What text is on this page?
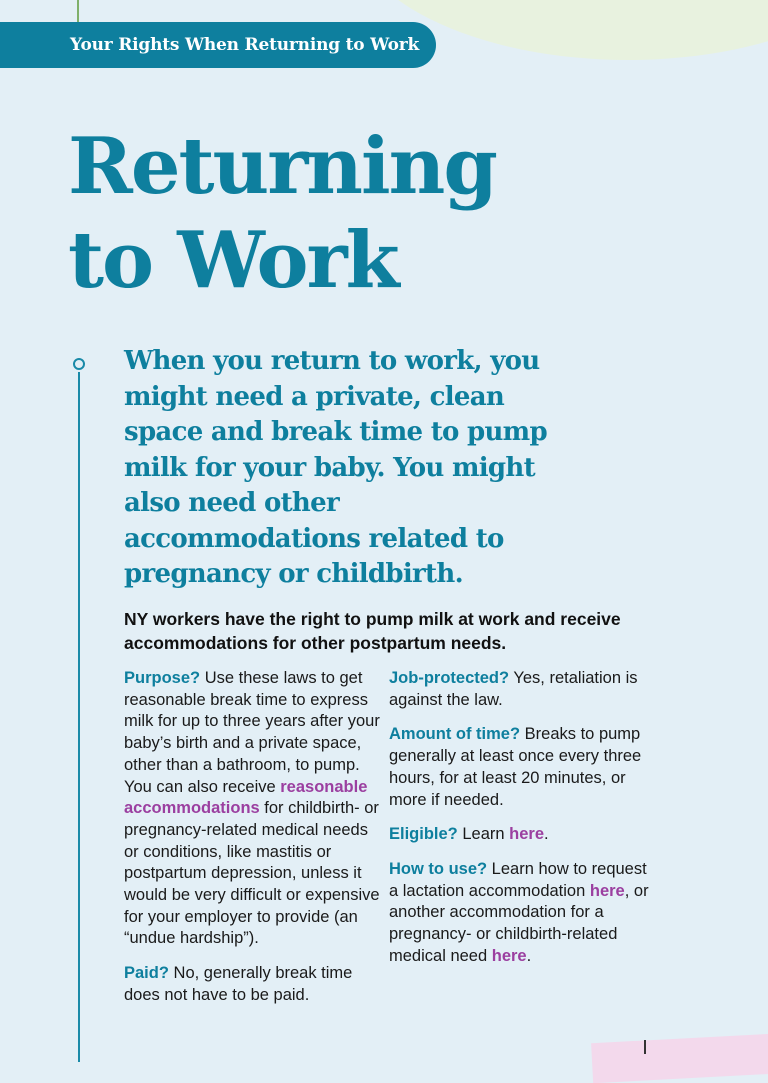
Your Rights When Returning to Work
Returning
to Work

When you return to work, you might need a private, clean space and break time to pump milk for your baby. You might also need other accommodations related to pregnancy or childbirth.

NY workers have the right to pump milk at work and receive accommodations for other postpartum needs.

Purpose? Use these laws to get reasonable break time to express milk for up to three years after your baby’s birth and a private space, other than a bathroom, to pump. You can also receive reasonable accommodations for childbirth- or pregnancy-related medical needs or conditions, like mastitis or postpartum depression, unless it would be very difficult or expensive for your employer to provide (an “undue hardship”).

Paid? No, generally break time does not have to be paid.

Job-protected? Yes, retaliation is against the law.

Amount of time? Breaks to pump generally at least once every three hours, for at least 20 minutes, or more if needed.

Eligible? Learn here.

How to use? Learn how to request a lactation accommodation here, or another accommodation for a pregnancy- or childbirth-related medical need here.
